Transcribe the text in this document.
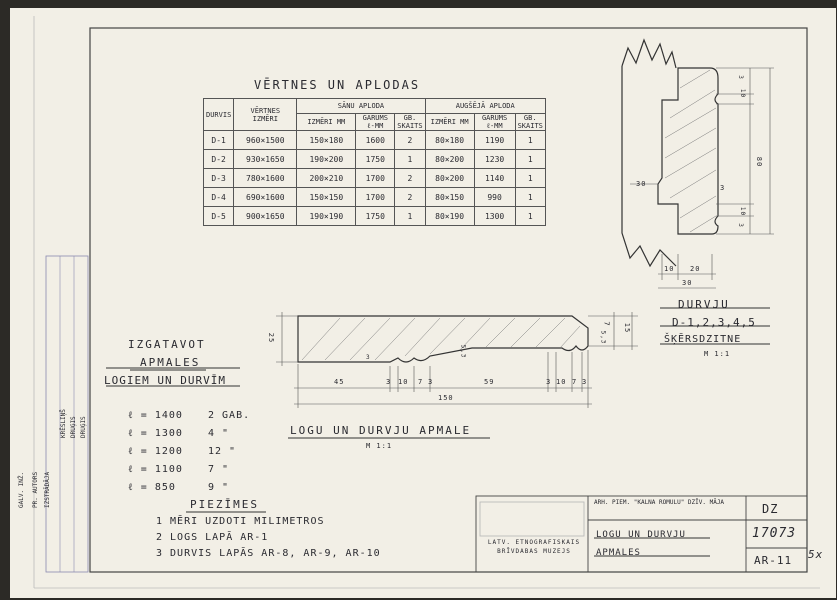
VĒRTNES UN APLODAS
DURVIS	VĒRTNES IZMĒRI	SĀNU APLODA			AUGŠĒJĀ APLODA		
		IZMĒRI MM	GARUMS ℓ-MM	GB. SKAITS	IZMĒRI MM	GARUMS ℓ-MM	GB. SKAITS
D-1	960×1500	150×180	1600	2	80×180	1190	1
D-2	930×1650	190×200	1750	1	80×200	1230	1
D-3	780×1600	200×210	1700	2	80×200	1140	1
D-4	690×1600	150×150	1700	2	80×150	990	1
D-5	900×1650	190×190	1750	1	80×190	1300	1
30	3
80
3
10
10
3
10 20
30
DURVJU
D-1,2,3,4,5
ŠĶĒRSDZITNE
M 1:1
25
15
7
5,3
5,3
3
45	3 10 7 3	59	3 10 7 3
150
LOGU UN DURVJU APMALE
M 1:1
IZGATAVOT
APMALES
LOGIEM UN DURVĪM
ℓ = 1400	2 GAB.
ℓ = 1300	4 "
ℓ = 1200	12 "
ℓ = 1100	7 "
ℓ = 850	9 "
PIEZĪMES
1 MĒRI UZDOTI MILIMETROS
2 LOGS LAPĀ AR-1
3 DURVIS LAPĀS AR-8, AR-9, AR-10
GALV. INŽ. PR. AUTORS IZSTRĀDĀJA
KRĒSLIŅŠ DRUĢIS DRUĢIS
LATV. ETNOGRAFISKAIS BRĪVDABAS MUZEJS
ARH. PIEM. "KALNA ROMULU" DZĪV. MĀJA
LOGU UN DURVJU APMALES
DZ
17073
AR-11 5x
